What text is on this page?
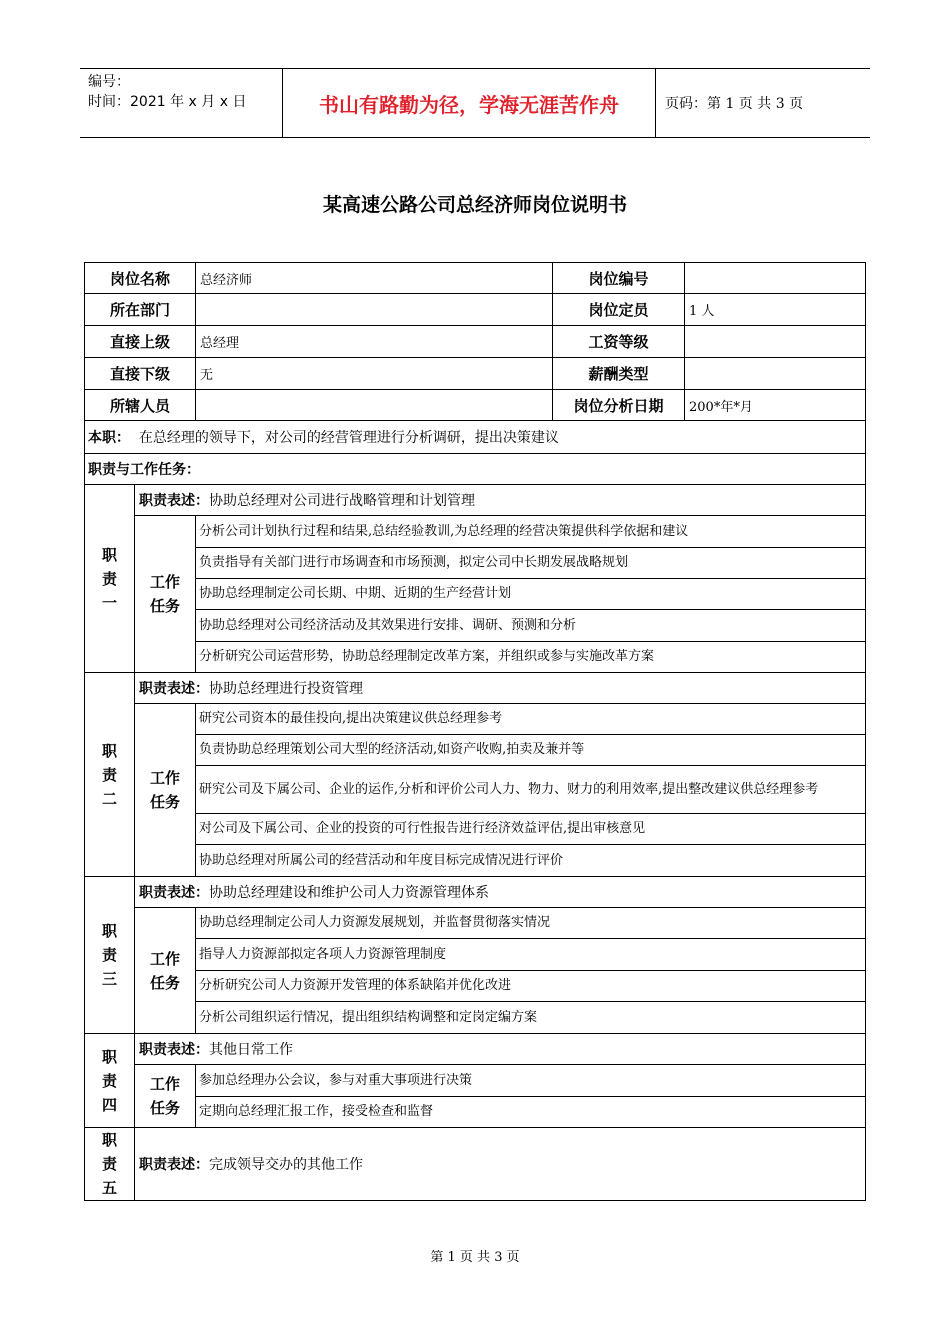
编号：
时间：2021 年 x 月 x 日	书山有路勤为径，学海无涯苦作舟	页码：第 1 页 共 3 页
某高速公路公司总经济师岗位说明书
岗位名称		总经济师	岗位编号	
所在部门			岗位定员	1 人
直接上级		总经理	工资等级	
直接下级		无	薪酬类型	
所辖人员			岗位分析日期	200*年*月
本职： 在总经理的领导下，对公司的经营管理进行分析调研，提出决策建议				
职责与工作任务：				

职
责
一	职责表述：协助总经理对公司进行战略管理和计划管理			

	工作
任务	分析公司计划执行过程和结果,总结经验教训,为总经理的经营决策提供科学依据和建议		
		负责指导有关部门进行市场调查和市场预测，拟定公司中长期发展战略规划		
		协助总经理制定公司长期、中期、近期的生产经营计划		
		协助总经理对公司经济活动及其效果进行安排、调研、预测和分析		
		分析研究公司运营形势，协助总经理制定改革方案，并组织或参与实施改革方案		

职
责
二	职责表述：协助总经理进行投资管理			

	工作
任务	研究公司资本的最佳投向,提出决策建议供总经理参考		
		负责协助总经理策划公司大型的经济活动,如资产收购,拍卖及兼并等		
		研究公司及下属公司、企业的运作,分析和评价公司人力、物力、财力的利用效率,提出整改建议供总经理参考		
		对公司及下属公司、企业的投资的可行性报告进行经济效益评估,提出审核意见		
		协助总经理对所属公司的经营活动和年度目标完成情况进行评价		

职
责
三	职责表述：协助总经理建设和维护公司人力资源管理体系			

	工作
任务	协助总经理制定公司人力资源发展规划，并监督贯彻落实情况		
		指导人力资源部拟定各项人力资源管理制度		
		分析研究公司人力资源开发管理的体系缺陷并优化改进		
		分析公司组织运行情况，提出组织结构调整和定岗定编方案		

职
责
四	职责表述：其他日常工作			

	工作
任务	参加总经理办公会议，参与对重大事项进行决策		
		定期向总经理汇报工作，接受检查和监督		

职
责
五	职责表述：完成领导交办的其他工作			
第 1 页 共 3 页
